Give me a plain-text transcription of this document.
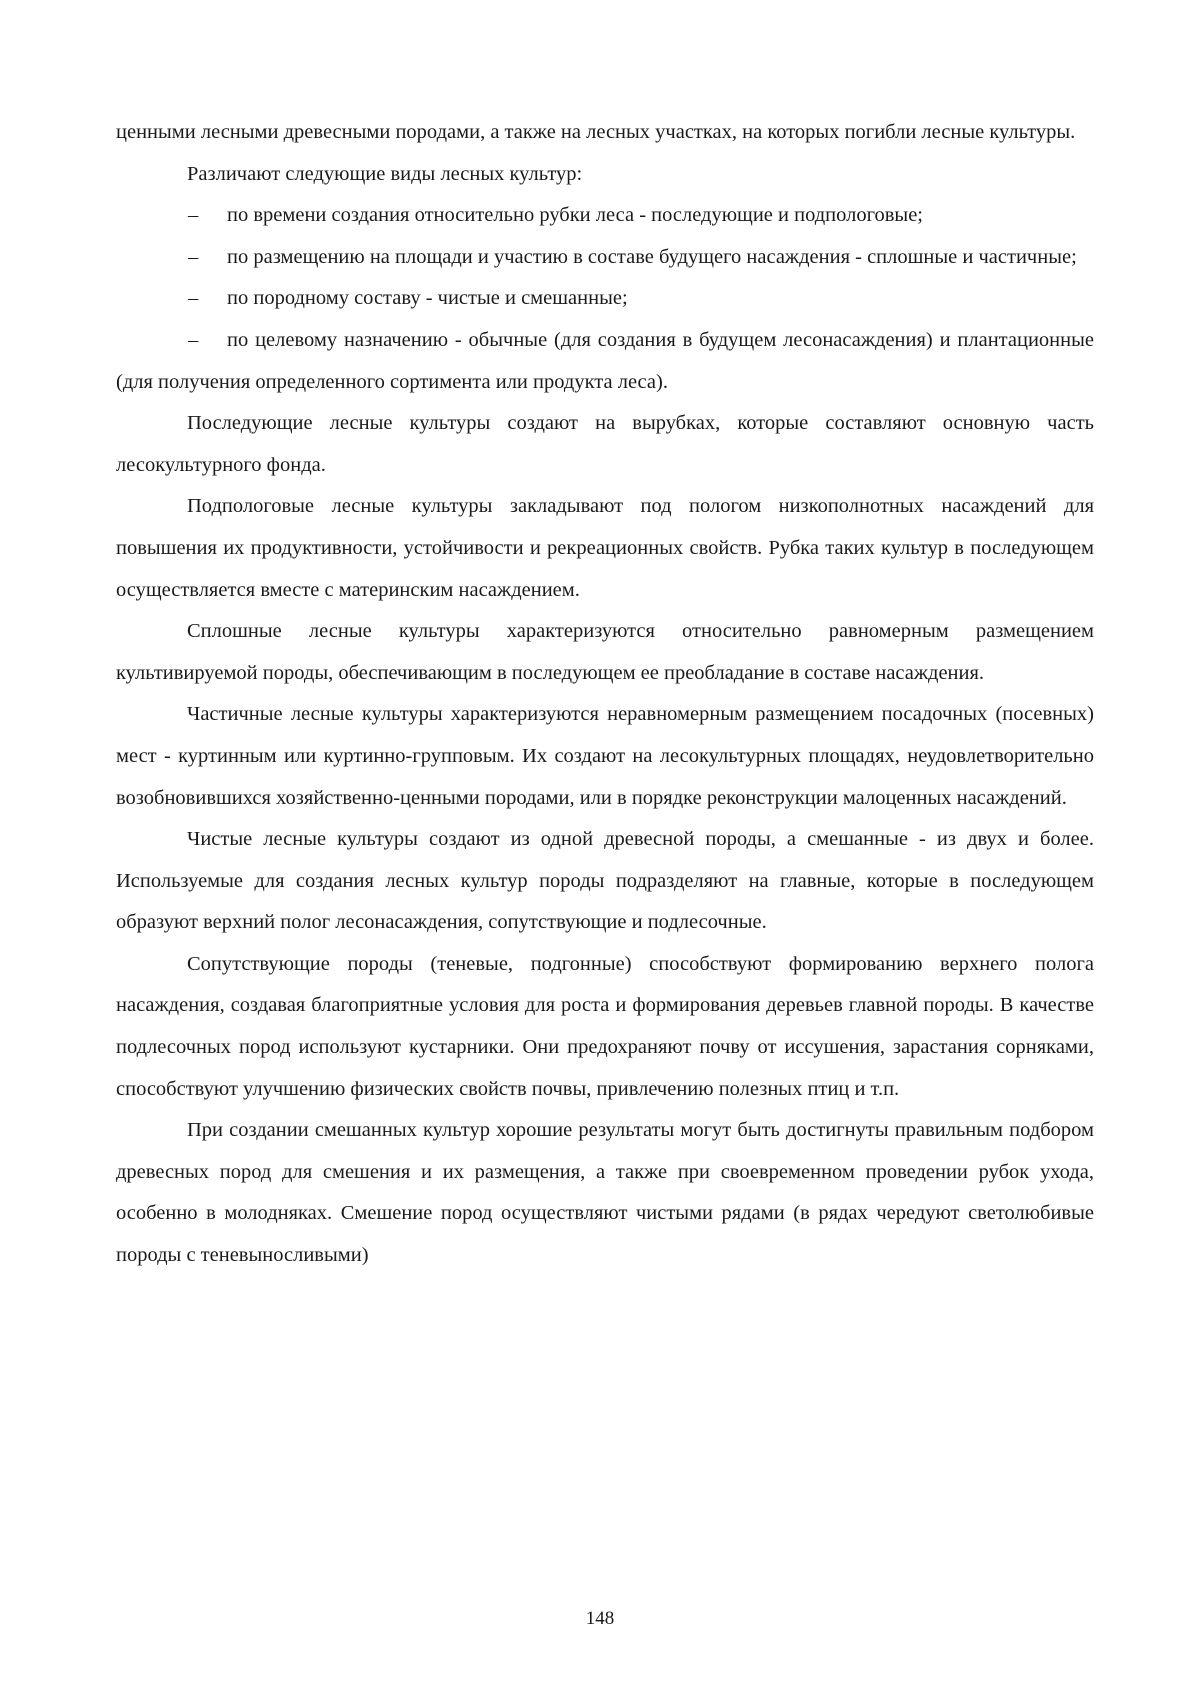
ценными лесными древесными породами, а также на лесных участках, на которых погибли лесные культуры.

Различают следующие виды лесных культур:

– по времени создания относительно рубки леса - последующие и подпологовые;

– по размещению на площади и участию в составе будущего насаждения - сплошные и частичные;

– по породному составу - чистые и смешанные;

– по целевому назначению - обычные (для создания в будущем лесонасаждения) и плантационные (для получения определенного сортимента или продукта леса).

Последующие лесные культуры создают на вырубках, которые составляют основную часть лесокультурного фонда.

Подпологовые лесные культуры закладывают под пологом низкополнотных насаждений для повышения их продуктивности, устойчивости и рекреационных свойств. Рубка таких культур в последующем осуществляется вместе с материнским насаждением.

Сплошные лесные культуры характеризуются относительно равномерным размещением культивируемой породы, обеспечивающим в последующем ее преобладание в составе насаждения.

Частичные лесные культуры характеризуются неравномерным размещением посадочных (посевных) мест - куртинным или куртинно-групповым. Их создают на лесокультурных площадях, неудовлетворительно возобновившихся хозяйственно-ценными породами, или в порядке реконструкции малоценных насаждений.

Чистые лесные культуры создают из одной древесной породы, а смешанные - из двух и более. Используемые для создания лесных культур породы подразделяют на главные, которые в последующем образуют верхний полог лесонасаждения, сопутствующие и подлесочные.

Сопутствующие породы (теневые, подгонные) способствуют формированию верхнего полога насаждения, создавая благоприятные условия для роста и формирования деревьев главной породы. В качестве подлесочных пород используют кустарники. Они предохраняют почву от иссушения, зарастания сорняками, способствуют улучшению физических свойств почвы, привлечению полезных птиц и т.п.

При создании смешанных культур хорошие результаты могут быть достигнуты правильным подбором древесных пород для смешения и их размещения, а также при своевременном проведении рубок ухода, особенно в молодняках. Смешение пород осуществляют чистыми рядами (в рядах чередуют светолюбивые породы с теневыносливыми)

148
